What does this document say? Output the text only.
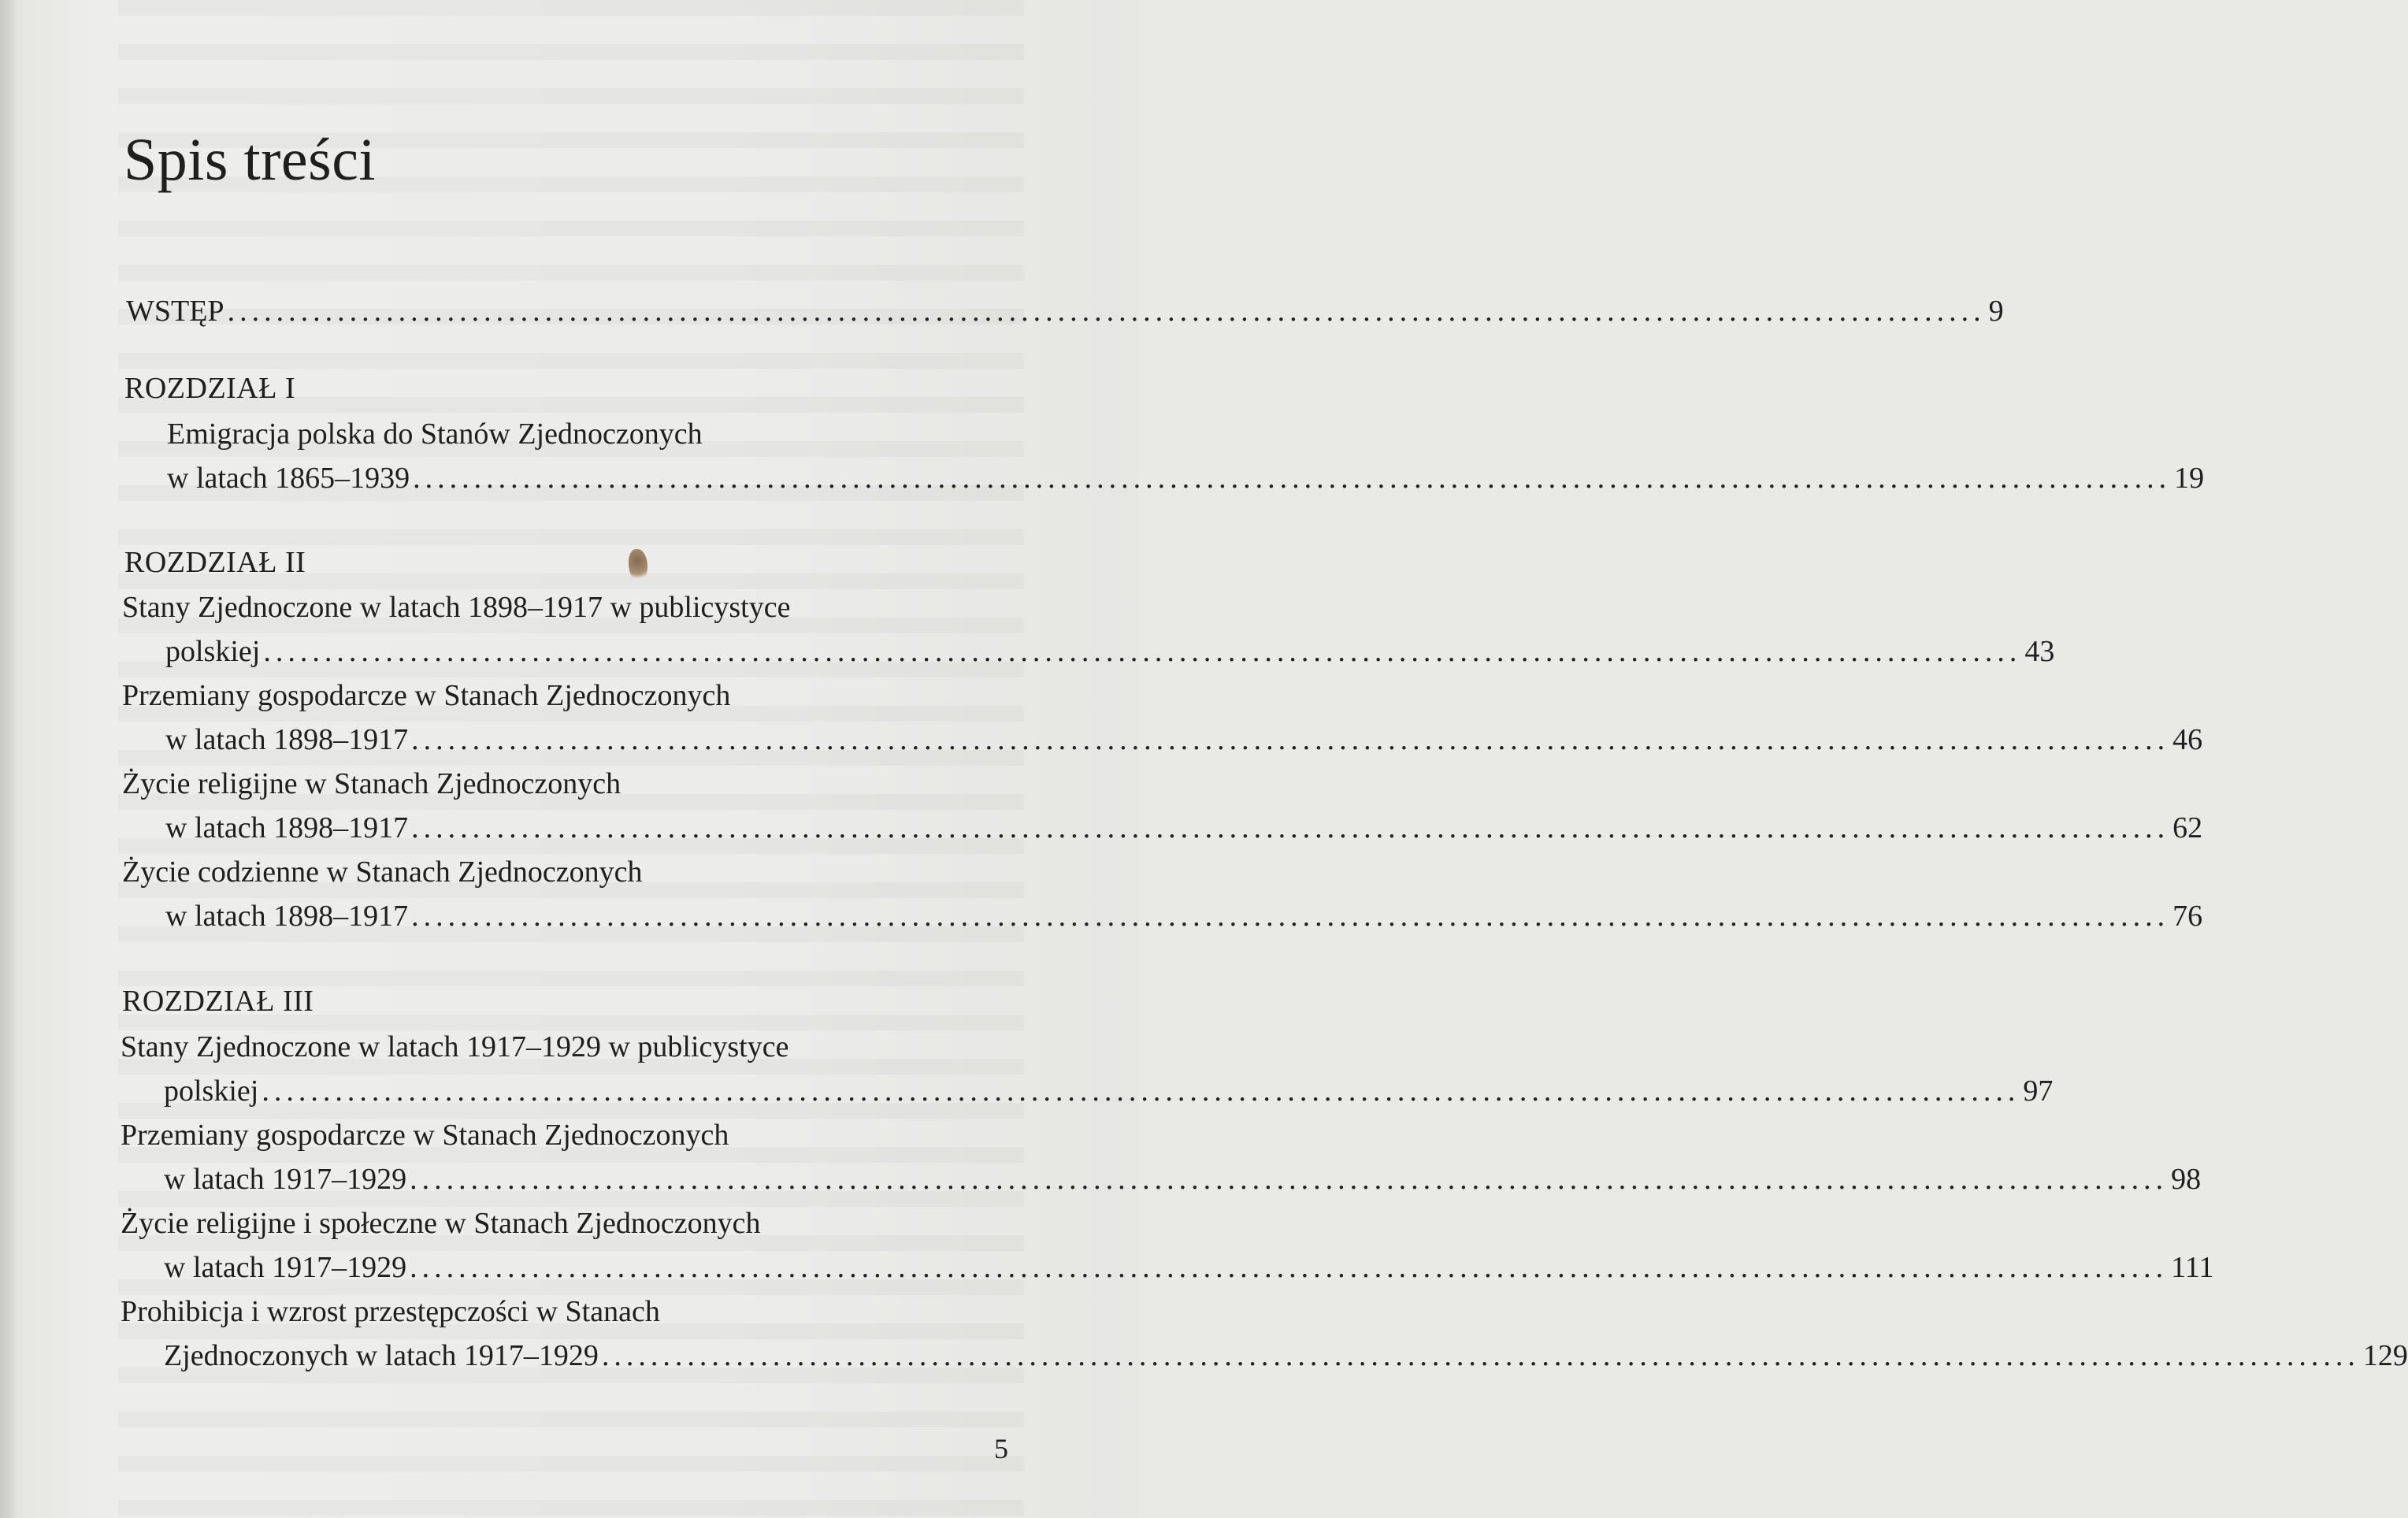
Spis treści
WSTĘP ................................................................................................................................................ 9
ROZDZIAŁ I
Emigracja polska do Stanów Zjednoczonych
w latach 1865–1939 ................................................................................................................................................ 19
ROZDZIAŁ II
Stany Zjednoczone w latach 1898–1917 w publicystyce
polskiej ................................................................................................................................................ 43
Przemiany gospodarcze w Stanach Zjednoczonych
w latach 1898–1917 ................................................................................................................................................ 46
Życie religijne w Stanach Zjednoczonych
w latach 1898–1917 ................................................................................................................................................ 62
Życie codzienne w Stanach Zjednoczonych
w latach 1898–1917 ................................................................................................................................................ 76
ROZDZIAŁ III
Stany Zjednoczone w latach 1917–1929 w publicystyce
polskiej ................................................................................................................................................ 97
Przemiany gospodarcze w Stanach Zjednoczonych
w latach 1917–1929 ................................................................................................................................................ 98
Życie religijne i społeczne w Stanach Zjednoczonych
w latach 1917–1929 ................................................................................................................................................ 111
Prohibicja i wzrost przestępczości w Stanach
Zjednoczonych w latach 1917–1929 ................................................................................................................................................ 129
5
